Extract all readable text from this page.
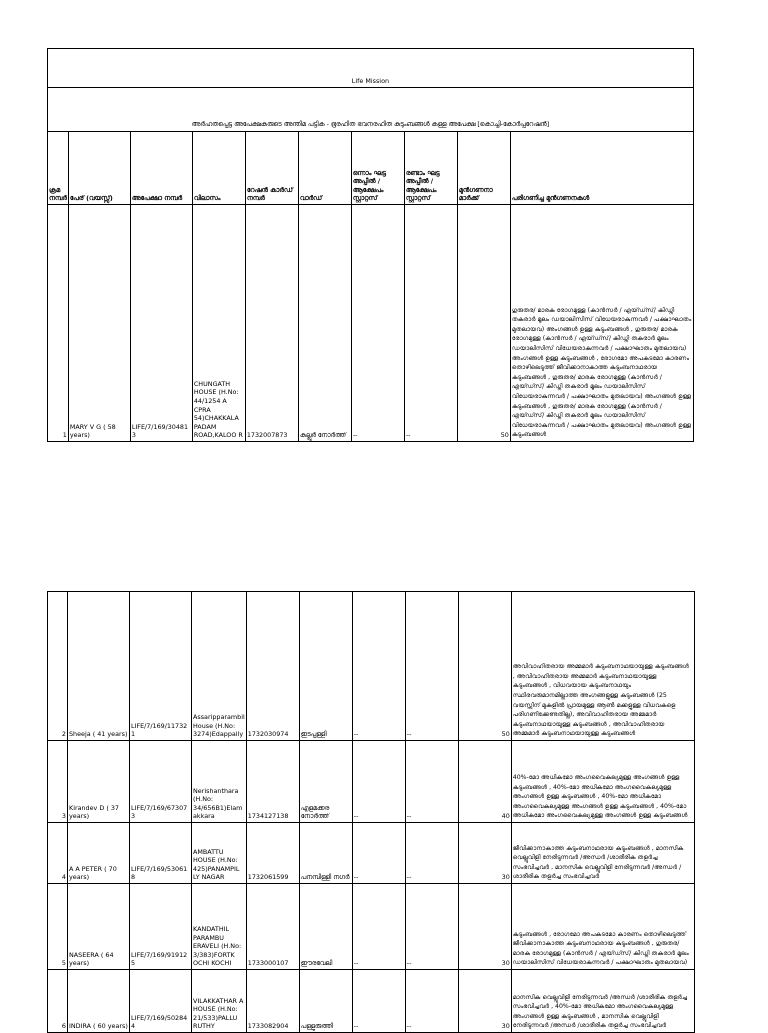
Life Mission									
അർഹതപ്പെട്ട അപേക്ഷകരുടെ അന്തിമ പട്ടിക - ഭൂരഹിത ഭവനരഹിത കുടുംബങ്ങൾ കള്ള അപേക്ഷ [കൊച്ചി-കോർപ്പറേഷൻ]									
ക്രമ നമ്പർ	പേര് (വയസ്സ്)	അപേക്ഷാ നമ്പർ	വിലാസം	റേഷൻ കാർഡ് നമ്പർ	വാർഡ്	ഒന്നാം ഘട്ട അപ്പീൽ / ആക്ഷേപം സ്റ്റാറ്റസ്	രണ്ടാം ഘട്ട അപ്പീൽ / ആക്ഷേപം സ്റ്റാറ്റസ്	മുൻഗണനാ മാർക്ക്	പരിഗണിച്ച മുൻഗണനകൾ
1	MARY V G ( 58 years)	LIFE/7/169/30481 3	CHUNGATH HOUSE (H.No: 44/1254 A CPRA 54)CHAKKALA PADAM ROAD,KALOO R	1732007873	കല്ലൂർ നോർത്ത്	--	--	50	ഗുരുതര/ മാരക രോഗമുള്ള (കാൻസർ / എയ്ഡ്സ്/ കിഡ്നി തകരാർ മൂലം ഡയാലിസിസ് വിധേയരാകുന്നവർ / പക്ഷാഘാതം മുതലായവ) അംഗങ്ങൾ ഉള്ള കുടുംബങ്ങൾ , ഗുരുതര/ മാരക രോഗമുള്ള (കാൻസർ / എയ്ഡ്സ്/ കിഡ്നി തകരാർ മൂലം ഡയാലിസിസ് വിധേയരാകുന്നവർ / പക്ഷാഘാതം മുതലായവ) അംഗങ്ങൾ ഉള്ള കുടുംബങ്ങൾ , രോഗമോ അപകടമോ കാരണം തൊഴിലെടുത്ത് ജീവിക്കാനാകാത്ത കുടുംബനാഥരായ കുടുംബങ്ങൾ , ഗുരുതര/ മാരക രോഗമുള്ള (കാൻസർ / എയ്ഡ്സ്/ കിഡ്നി തകരാർ മൂലം ഡയാലിസിസ് വിധേയരാകുന്നവർ / പക്ഷാഘാതം മുതലായവ) അംഗങ്ങൾ ഉള്ള കുടുംബങ്ങൾ , ഗുരുതര/ മാരക രോഗമുള്ള (കാൻസർ / എയ്ഡ്സ്/ കിഡ്നി തകരാർ മൂലം ഡയാലിസിസ് വിധേയരാകുന്നവർ / പക്ഷാഘാതം മുതലായവ) അംഗങ്ങൾ ഉള്ള കുടുംബങ്ങൾ
2	Sheeja ( 41 years)	LIFE/7/169/11732 1	Assaripparambil House (H.No: 3274)Edappally	1732030974	ഇടപ്പള്ളി	--	--	50	അവിവാഹിതരായ അമ്മമാർ കുടുംബനാഥയായുള്ള കുടുംബങ്ങൾ , അവിവാഹിതരായ അമ്മമാർ കുടുംബനാഥയായുള്ള കുടുംബങ്ങൾ , വിധവയായ കുടുംബനാഥയും സ്ഥിരവരുമാനമില്ലാത്ത അംഗങ്ങളുള്ള കുടുംബങ്ങൾ (25 വയസ്സിന് മുകളിൽ പ്രായമുള്ള ആൺ മക്കളുള്ള വിധവകളെ പരിഗണിക്കേണ്ടതില്ല), അവിവാഹിതരായ അമ്മമാർ കുടുംബനാഥയായുള്ള കുടുംബങ്ങൾ , അവിവാഹിതരായ അമ്മമാർ കുടുംബനാഥയായുള്ള കുടുംബങ്ങൾ
3	Kirandev D ( 37 years)	LIFE/7/169/67307 3	Nerishanthara (H.No: 34/656B1)Elam akkara	1734127138	എളമക്കര നോർത്ത്	--	--	40	40%-മോ അധികമോ അംഗവൈകല്യമുള്ള അംഗങ്ങൾ ഉള്ള കുടുംബങ്ങൾ , 40%-മോ അധികമോ അംഗവൈകല്യമുള്ള അംഗങ്ങൾ ഉള്ള കുടുംബങ്ങൾ , 40%-മോ അധികമോ അംഗവൈകല്യമുള്ള അംഗങ്ങൾ ഉള്ള കുടുംബങ്ങൾ , 40%-മോ അധികമോ അംഗവൈകല്യമുള്ള അംഗങ്ങൾ ഉള്ള കുടുംബങ്ങൾ
4	A A PETER ( 70 years)	LIFE/7/169/53061 8	AMBATTU HOUSE (H.No: 425)PANAMPIL LY NAGAR	1732061599	പനമ്പിള്ളി നഗർ	--	--	30	ജീവിക്കാനാകാത്ത കുടുംബനാഥരായ കുടുംബങ്ങൾ , മാനസിക വെല്ലുവിളി നേരിടുന്നവർ /അന്ധർ /ശാരീരിക തളർച്ച സംഭവിച്ചവർ , മാനസിക വെല്ലുവിളി നേരിടുന്നവർ /അന്ധർ /ശാരീരിക തളർച്ച സംഭവിച്ചവർ
5	NASEERA ( 64 years)	LIFE/7/169/91912 5	KANDATHIL PARAMBU ERAVELI (H.No: 3/383)FORTK OCHI KOCHI	1733000107	ഈരവേലി	--	--	30	കുടുംബങ്ങൾ , രോഗമോ അപകടമോ കാരണം തൊഴിലെടുത്ത് ജീവിക്കാനാകാത്ത കുടുംബനാഥരായ കുടുംബങ്ങൾ , ഗുരുതര/ മാരക രോഗമുള്ള (കാൻസർ / എയ്ഡ്സ്/ കിഡ്നി തകരാർ മൂലം ഡയാലിസിസ് വിധേയരാകുന്നവർ / പക്ഷാഘാതം മുതലായവ)
6	INDIRA ( 60 years)	LIFE/7/169/50284 4	VILAKKATHAR A HOUSE (H.No: 21/533)PALLU RUTHY	1733082904	പള്ളുരുത്തി	--	--	30	മാനസിക വെല്ലുവിളി നേരിടുന്നവർ /അന്ധർ /ശാരീരിക തളർച്ച സംഭവിച്ചവർ , 40%-മോ അധികമോ അംഗവൈകല്യമുള്ള അംഗങ്ങൾ ഉള്ള കുടുംബങ്ങൾ , മാനസിക വെല്ലുവിളി നേരിടുന്നവർ /അന്ധർ /ശാരീരിക തളർച്ച സംഭവിച്ചവർ
